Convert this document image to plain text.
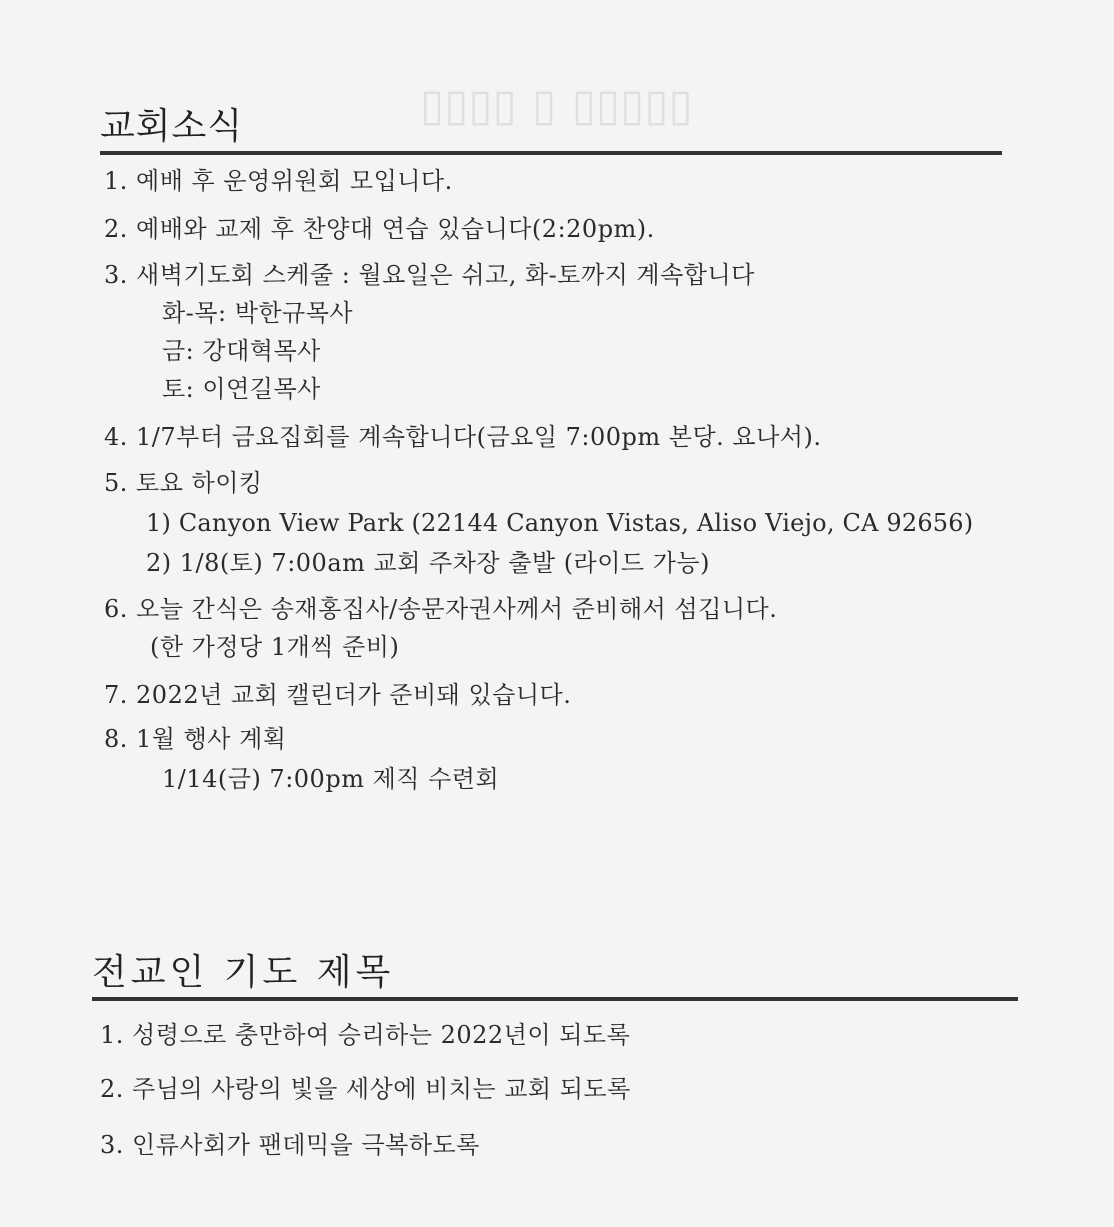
▯▯▯▯ ▯ ▯▯▯▯▯
교회소식
1. 예배 후 운영위원회 모입니다.
2. 예배와 교제 후 찬양대 연습 있습니다(2:20pm).
3. 새벽기도회 스케줄 : 월요일은 쉬고, 화-토까지 계속합니다
화-목: 박한규목사
금: 강대혁목사
토: 이연길목사
4. 1/7부터 금요집회를 계속합니다(금요일 7:00pm 본당. 요나서).
5. 토요 하이킹
1) Canyon View Park (22144 Canyon Vistas, Aliso Viejo, CA 92656)
2) 1/8(토) 7:00am 교회 주차장 출발 (라이드 가능)
6. 오늘 간식은 송재홍집사/송문자권사께서 준비해서 섬깁니다.
(한 가정당 1개씩 준비)
7. 2022년 교회 캘린더가 준비돼 있습니다.
8. 1월 행사 계획
1/14(금) 7:00pm 제직 수련회
전교인 기도 제목
1. 성령으로 충만하여 승리하는 2022년이 되도록
2. 주님의 사랑의 빛을 세상에 비치는 교회 되도록
3. 인류사회가 팬데믹을 극복하도록
